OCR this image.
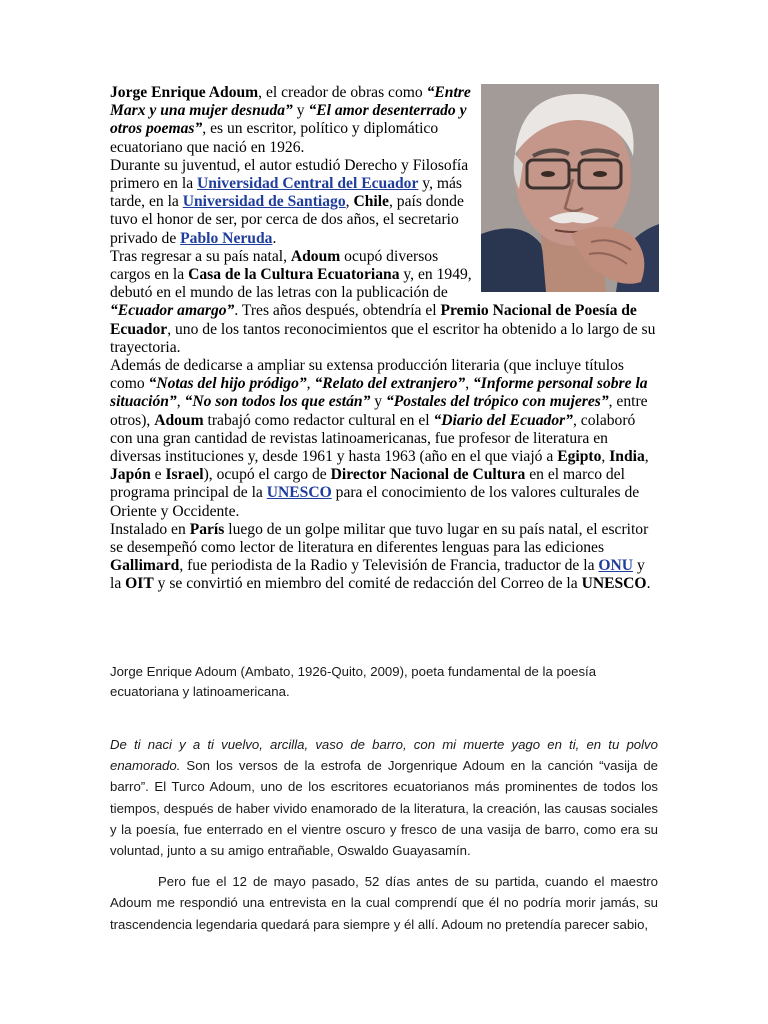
Jorge Enrique Adoum, el creador de obras como “Entre Marx y una mujer desnuda” y “El amor desenterrado y otros poemas”, es un escritor, político y diplomático ecuatoriano que nació en 1926.

Durante su juventud, el autor estudió Derecho y Filosofía primero en la Universidad Central del Ecuador y, más tarde, en la Universidad de Santiago, Chile, país donde tuvo el honor de ser, por cerca de dos años, el secretario privado de Pablo Neruda.

Tras regresar a su país natal, Adoum ocupó diversos cargos en la Casa de la Cultura Ecuatoriana y, en 1949, debutó en el mundo de las letras con la publicación de “Ecuador amargo”. Tres años después, obtendría el Premio Nacional de Poesía de Ecuador, uno de los tantos reconocimientos que el escritor ha obtenido a lo largo de su trayectoria.

Además de dedicarse a ampliar su extensa producción literaria (que incluye títulos como “Notas del hijo pródigo”, “Relato del extranjero”, “Informe personal sobre la situación”, “No son todos los que están” y “Postales del trópico con mujeres”, entre otros), Adoum trabajó como redactor cultural en el “Diario del Ecuador”, colaboró con una gran cantidad de revistas latinoamericanas, fue profesor de literatura en diversas instituciones y, desde 1961 y hasta 1963 (año en el que viajó a Egipto, India, Japón e Israel), ocupó el cargo de Director Nacional de Cultura en el marco del programa principal de la UNESCO para el conocimiento de los valores culturales de Oriente y Occidente.

Instalado en París luego de un golpe militar que tuvo lugar en su país natal, el escritor se desempeñó como lector de literatura en diferentes lenguas para las ediciones Gallimard, fue periodista de la Radio y Televisión de Francia, traductor de la ONU y la OIT y se convirtió en miembro del comité de redacción del Correo de la UNESCO.

Jorge Enrique Adoum (Ambato, 1926-Quito, 2009), poeta fundamental de la poesía ecuatoriana y latinoamericana.

De ti naci y a ti vuelvo, arcilla, vaso de barro, con mi muerte yago en ti, en tu polvo enamorado. Son los versos de la estrofa de Jorgenrique Adoum en la canción “vasija de barro”. El Turco Adoum, uno de los escritores ecuatorianos más prominentes de todos los tiempos, después de haber vivido enamorado de la literatura, la creación, las causas sociales y la poesía, fue enterrado en el vientre oscuro y fresco de una vasija de barro, como era su voluntad, junto a su amigo entrañable, Oswaldo Guayasamín.

Pero fue el 12 de mayo pasado, 52 días antes de su partida, cuando el maestro Adoum me respondió una entrevista en la cual comprendí que él no podría morir jamás, su trascendencia legendaria quedará para siempre y él allí. Adoum no pretendía parecer sabio,
